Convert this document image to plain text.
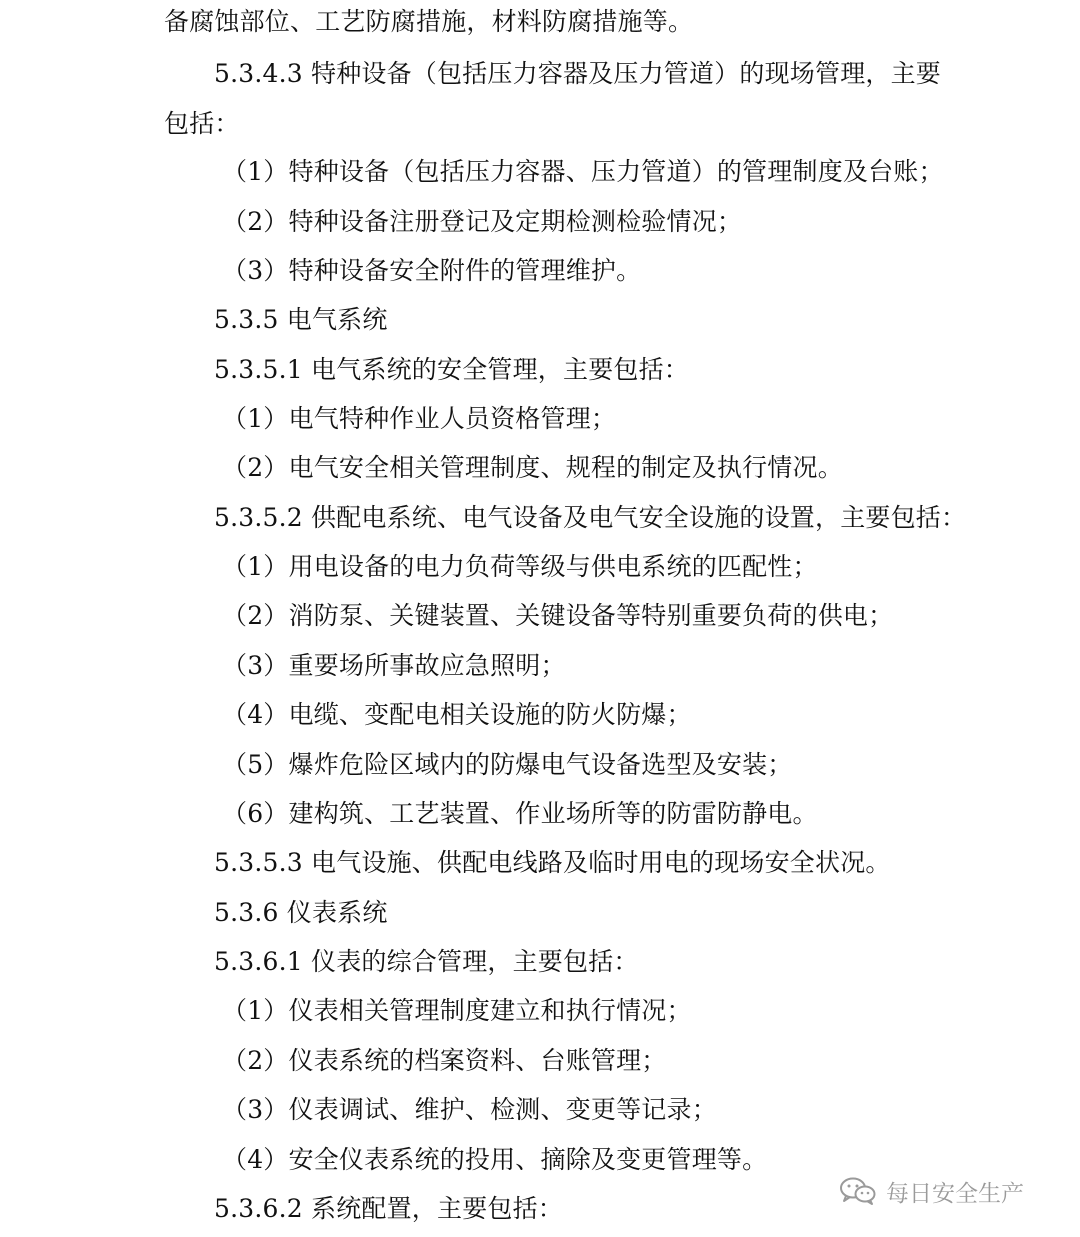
备腐蚀部位、工艺防腐措施，材料防腐措施等。
5.3.4.3 特种设备（包括压力容器及压力管道）的现场管理，主要
包括：
（1）特种设备（包括压力容器、压力管道）的管理制度及台账；
（2）特种设备注册登记及定期检测检验情况；
（3）特种设备安全附件的管理维护。
5.3.5 电气系统
5.3.5.1 电气系统的安全管理，主要包括：
（1）电气特种作业人员资格管理；
（2）电气安全相关管理制度、规程的制定及执行情况。
5.3.5.2 供配电系统、电气设备及电气安全设施的设置，主要包括：
（1）用电设备的电力负荷等级与供电系统的匹配性；
（2）消防泵、关键装置、关键设备等特别重要负荷的供电；
（3）重要场所事故应急照明；
（4）电缆、变配电相关设施的防火防爆；
（5）爆炸危险区域内的防爆电气设备选型及安装；
（6）建构筑、工艺装置、作业场所等的防雷防静电。
5.3.5.3 电气设施、供配电线路及临时用电的现场安全状况。
5.3.6 仪表系统
5.3.6.1 仪表的综合管理，主要包括：
（1）仪表相关管理制度建立和执行情况；
（2）仪表系统的档案资料、台账管理；
（3）仪表调试、维护、检测、变更等记录；
（4）安全仪表系统的投用、摘除及变更管理等。
5.3.6.2 系统配置，主要包括：
每日安全生产
